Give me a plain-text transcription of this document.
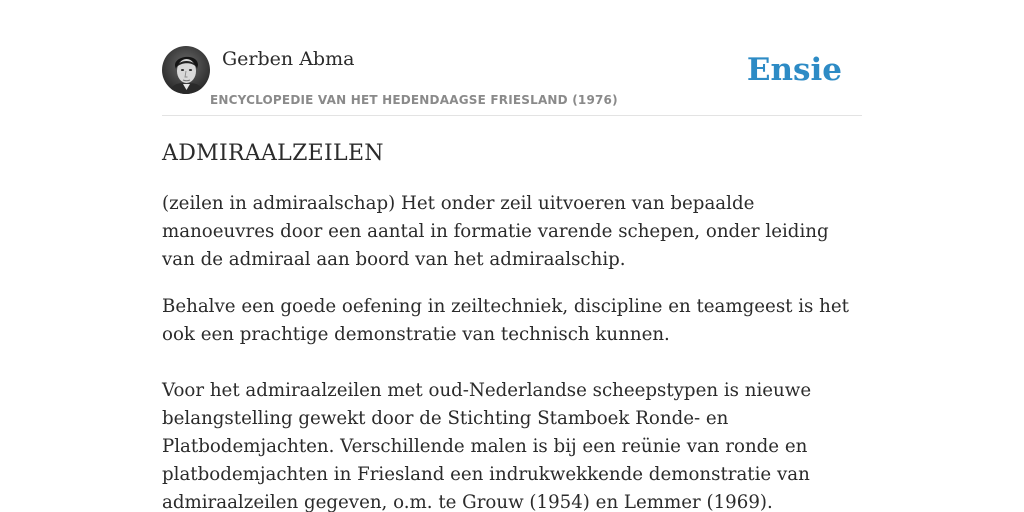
Gerben Abma
ENCYCLOPEDIE VAN HET HEDENDAAGSE FRIESLAND (1976)
Ensie
ADMIRAALZEILEN

(zeilen in admiraalschap) Het onder zeil uitvoeren van bepaalde manoeuvres door een aantal in formatie varende schepen, onder leiding van de admiraal aan boord van het admiraalschip.

Behalve een goede oefening in zeiltechniek, discipline en teamgeest is het ook een prachtige demonstratie van technisch kunnen.

Voor het admiraalzeilen met oud-Nederlandse scheepstypen is nieuwe belangstelling gewekt door de Stichting Stamboek Ronde- en Platbodemjachten. Verschillende malen is bij een reünie van ronde en platbodemjachten in Friesland een indrukwekkende demonstratie van admiraalzeilen gegeven, o.m. te Grouw (1954) en Lemmer (1969).
